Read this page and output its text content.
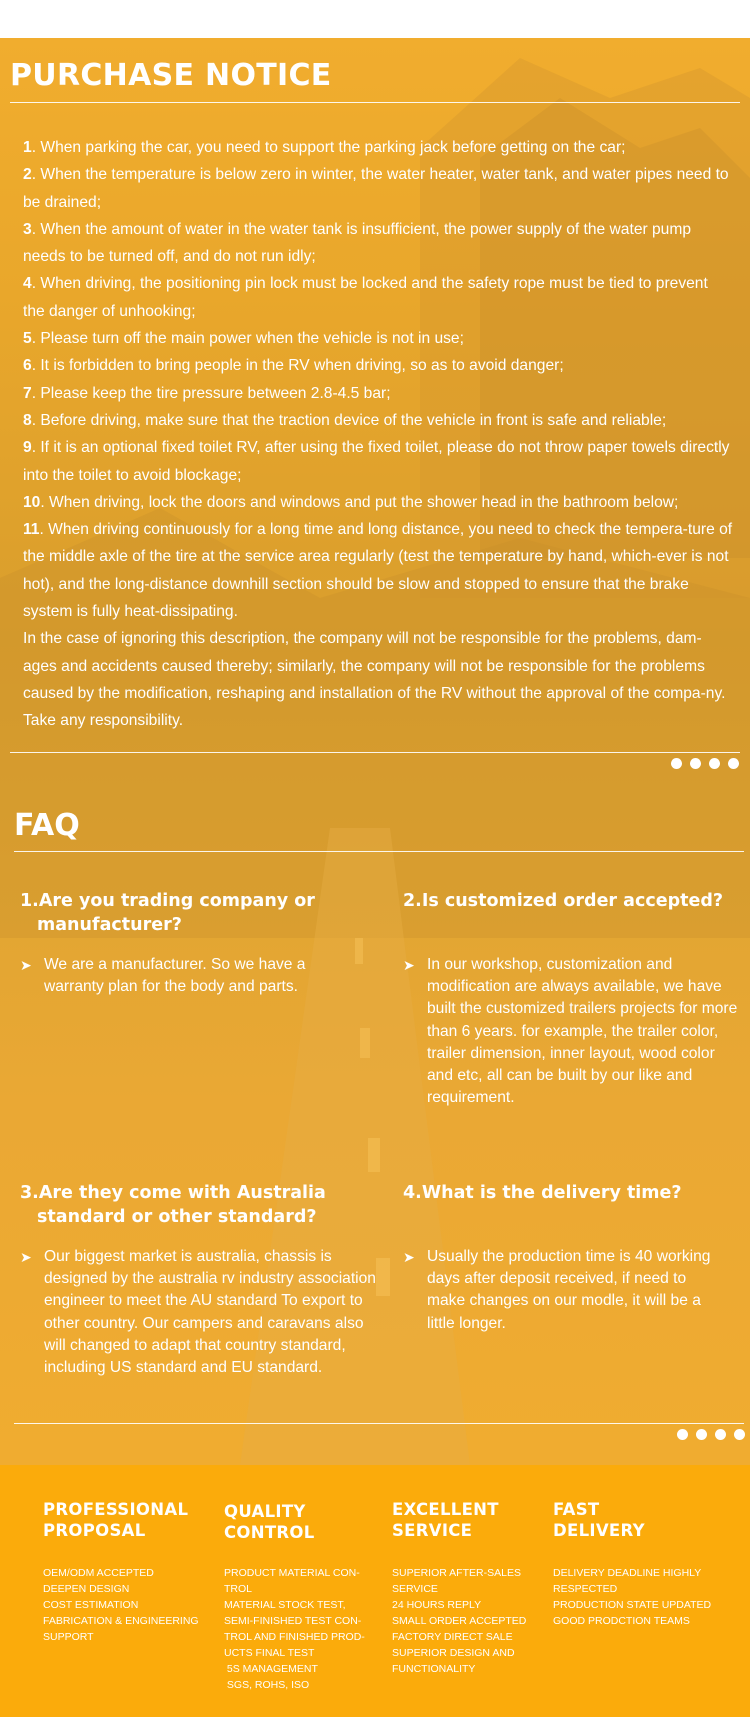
PURCHASE NOTICE

1. When parking the car, you need to support the parking jack before getting on the car;

2. When the temperature is below zero in winter, the water heater, water tank, and water pipes need to be drained;

3. When the amount of water in the water tank is insufficient, the power supply of the water pump needs to be turned off, and do not run idly;

4. When driving, the positioning pin lock must be locked and the safety rope must be tied to prevent the danger of unhooking;

5. Please turn off the main power when the vehicle is not in use;

6. It is forbidden to bring people in the RV when driving, so as to avoid danger;

7. Please keep the tire pressure between 2.8-4.5 bar;

8. Before driving, make sure that the traction device of the vehicle in front is safe and reliable;

9. If it is an optional fixed toilet RV, after using the fixed toilet, please do not throw paper towels directly into the toilet to avoid blockage;

10. When driving, lock the doors and windows and put the shower head in the bathroom below;

11. When driving continuously for a long time and long distance, you need to check the tempera-ture of the middle axle of the tire at the service area regularly (test the temperature by hand, which-ever is not hot), and the long-distance downhill section should be slow and stopped to ensure that the brake system is fully heat-dissipating.

In the case of ignoring this description, the company will not be responsible for the problems, dam-ages and accidents caused thereby; similarly, the company will not be responsible for the problems caused by the modification, reshaping and installation of the RV without the approval of the compa-ny. Take any responsibility.

FAQ
1.Are you trading company or manufacturer?
➤ We are a manufacturer. So we have a warranty plan for the body and parts.
2.Is customized order accepted?
➤ In our workshop, customization and modification are always available, we have built the customized trailers projects for more than 6 years. for example, the trailer color, trailer dimension, inner layout, wood color and etc, all can be built by our like and requirement.
3.Are they come with Australia standard or other standard?
➤ Our biggest market is australia, chassis is designed by the australia rv industry association engineer to meet the AU standard To export to other country. Our campers and caravans also will changed to adapt that country standard, including US standard and EU standard.
4.What is the delivery time?
➤ Usually the production time is 40 working days after deposit received, if need to make changes on our modle, it will be a little longer.
PROFESSIONAL
PROPOSAL
OEM/ODM ACCEPTED
DEEPEN DESIGN
COST ESTIMATION
FABRICATION & ENGINEERING
SUPPORT
QUALITY
CONTROL
PRODUCT MATERIAL CON-
TROL
MATERIAL STOCK TEST,
SEMI-FINISHED TEST CON-
TROL AND FINISHED PROD-
UCTS FINAL TEST
5S MANAGEMENT
SGS, ROHS, ISO
EXCELLENT
SERVICE
SUPERIOR AFTER-SALES
SERVICE
24 HOURS REPLY
SMALL ORDER ACCEPTED
FACTORY DIRECT SALE
SUPERIOR DESIGN AND
FUNCTIONALITY
FAST
DELIVERY
DELIVERY DEADLINE HIGHLY
RESPECTED
PRODUCTION STATE UPDATED
GOOD PRODCTION TEAMS
